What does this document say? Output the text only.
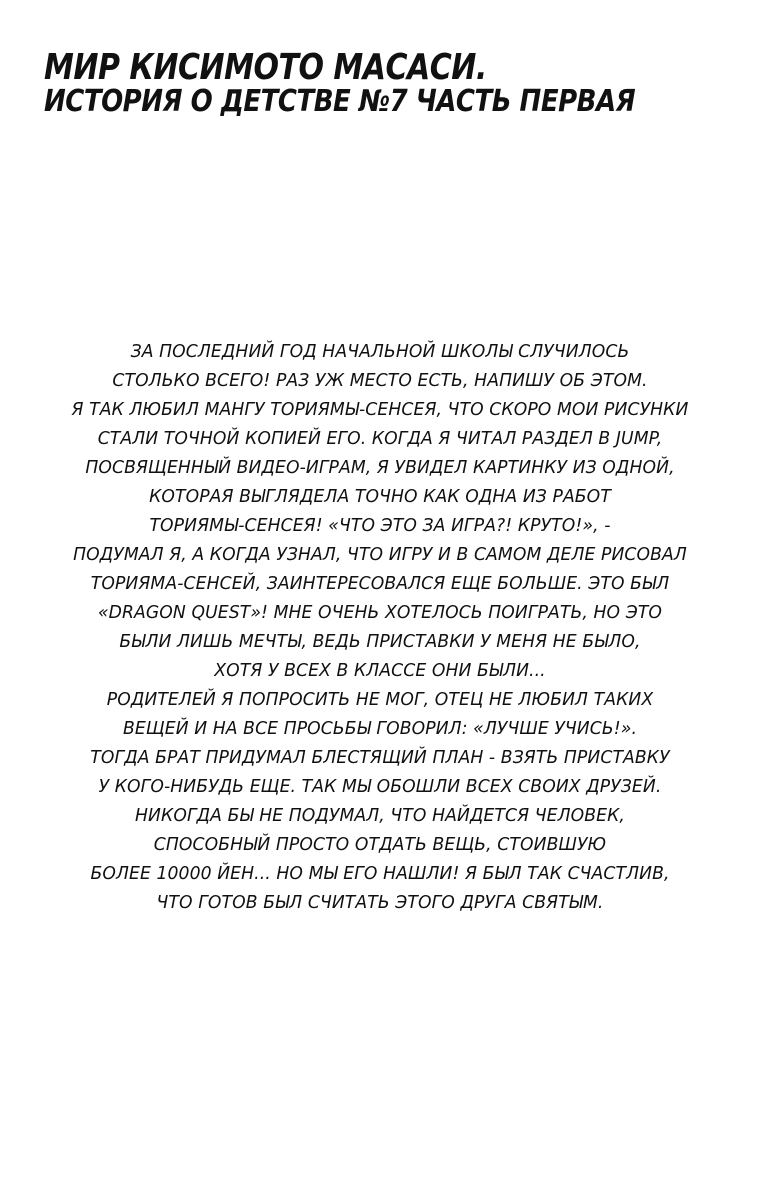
МИР КИСИМОТО МАСАСИ.
ИСТОРИЯ О ДЕТСТВЕ №7 ЧАСТЬ ПЕРВАЯ
ЗА ПОСЛЕДНИЙ ГОД НАЧАЛЬНОЙ ШКОЛЫ СЛУЧИЛОСЬ
СТОЛЬКО ВСЕГО! РАЗ УЖ МЕСТО ЕСТЬ, НАПИШУ ОБ ЭТОМ.
Я ТАК ЛЮБИЛ МАНГУ ТОРИЯМЫ-СЕНСЕЯ, ЧТО СКОРО МОИ РИСУНКИ
СТАЛИ ТОЧНОЙ КОПИЕЙ ЕГО. КОГДА Я ЧИТАЛ РАЗДЕЛ В JUMP,
ПОСВЯЩЕННЫЙ ВИДЕО-ИГРАМ, Я УВИДЕЛ КАРТИНКУ ИЗ ОДНОЙ,
КОТОРАЯ ВЫГЛЯДЕЛА ТОЧНО КАК ОДНА ИЗ РАБОТ
ТОРИЯМЫ-СЕНСЕЯ! «ЧТО ЭТО ЗА ИГРА?! КРУТО!», -
ПОДУМАЛ Я, А КОГДА УЗНАЛ, ЧТО ИГРУ И В САМОМ ДЕЛЕ РИСОВАЛ
ТОРИЯМА-СЕНСЕЙ, ЗАИНТЕРЕСОВАЛСЯ ЕЩЕ БОЛЬШЕ. ЭТО БЫЛ
«DRAGON QUEST»! МНЕ ОЧЕНЬ ХОТЕЛОСЬ ПОИГРАТЬ, НО ЭТО
БЫЛИ ЛИШЬ МЕЧТЫ, ВЕДЬ ПРИСТАВКИ У МЕНЯ НЕ БЫЛО,
ХОТЯ У ВСЕХ В КЛАССЕ ОНИ БЫЛИ...
РОДИТЕЛЕЙ Я ПОПРОСИТЬ НЕ МОГ, ОТЕЦ НЕ ЛЮБИЛ ТАКИХ
ВЕЩЕЙ И НА ВСЕ ПРОСЬБЫ ГОВОРИЛ: «ЛУЧШЕ УЧИСЬ!».
ТОГДА БРАТ ПРИДУМАЛ БЛЕСТЯЩИЙ ПЛАН - ВЗЯТЬ ПРИСТАВКУ
У КОГО-НИБУДЬ ЕЩЕ. ТАК МЫ ОБОШЛИ ВСЕХ СВОИХ ДРУЗЕЙ.
НИКОГДА БЫ НЕ ПОДУМАЛ, ЧТО НАЙДЕТСЯ ЧЕЛОВЕК,
СПОСОБНЫЙ ПРОСТО ОТДАТЬ ВЕЩЬ, СТОИВШУЮ
БОЛЕЕ 10000 ЙЕН... НО МЫ ЕГО НАШЛИ! Я БЫЛ ТАК СЧАСТЛИВ,
ЧТО ГОТОВ БЫЛ СЧИТАТЬ ЭТОГО ДРУГА СВЯТЫМ.
